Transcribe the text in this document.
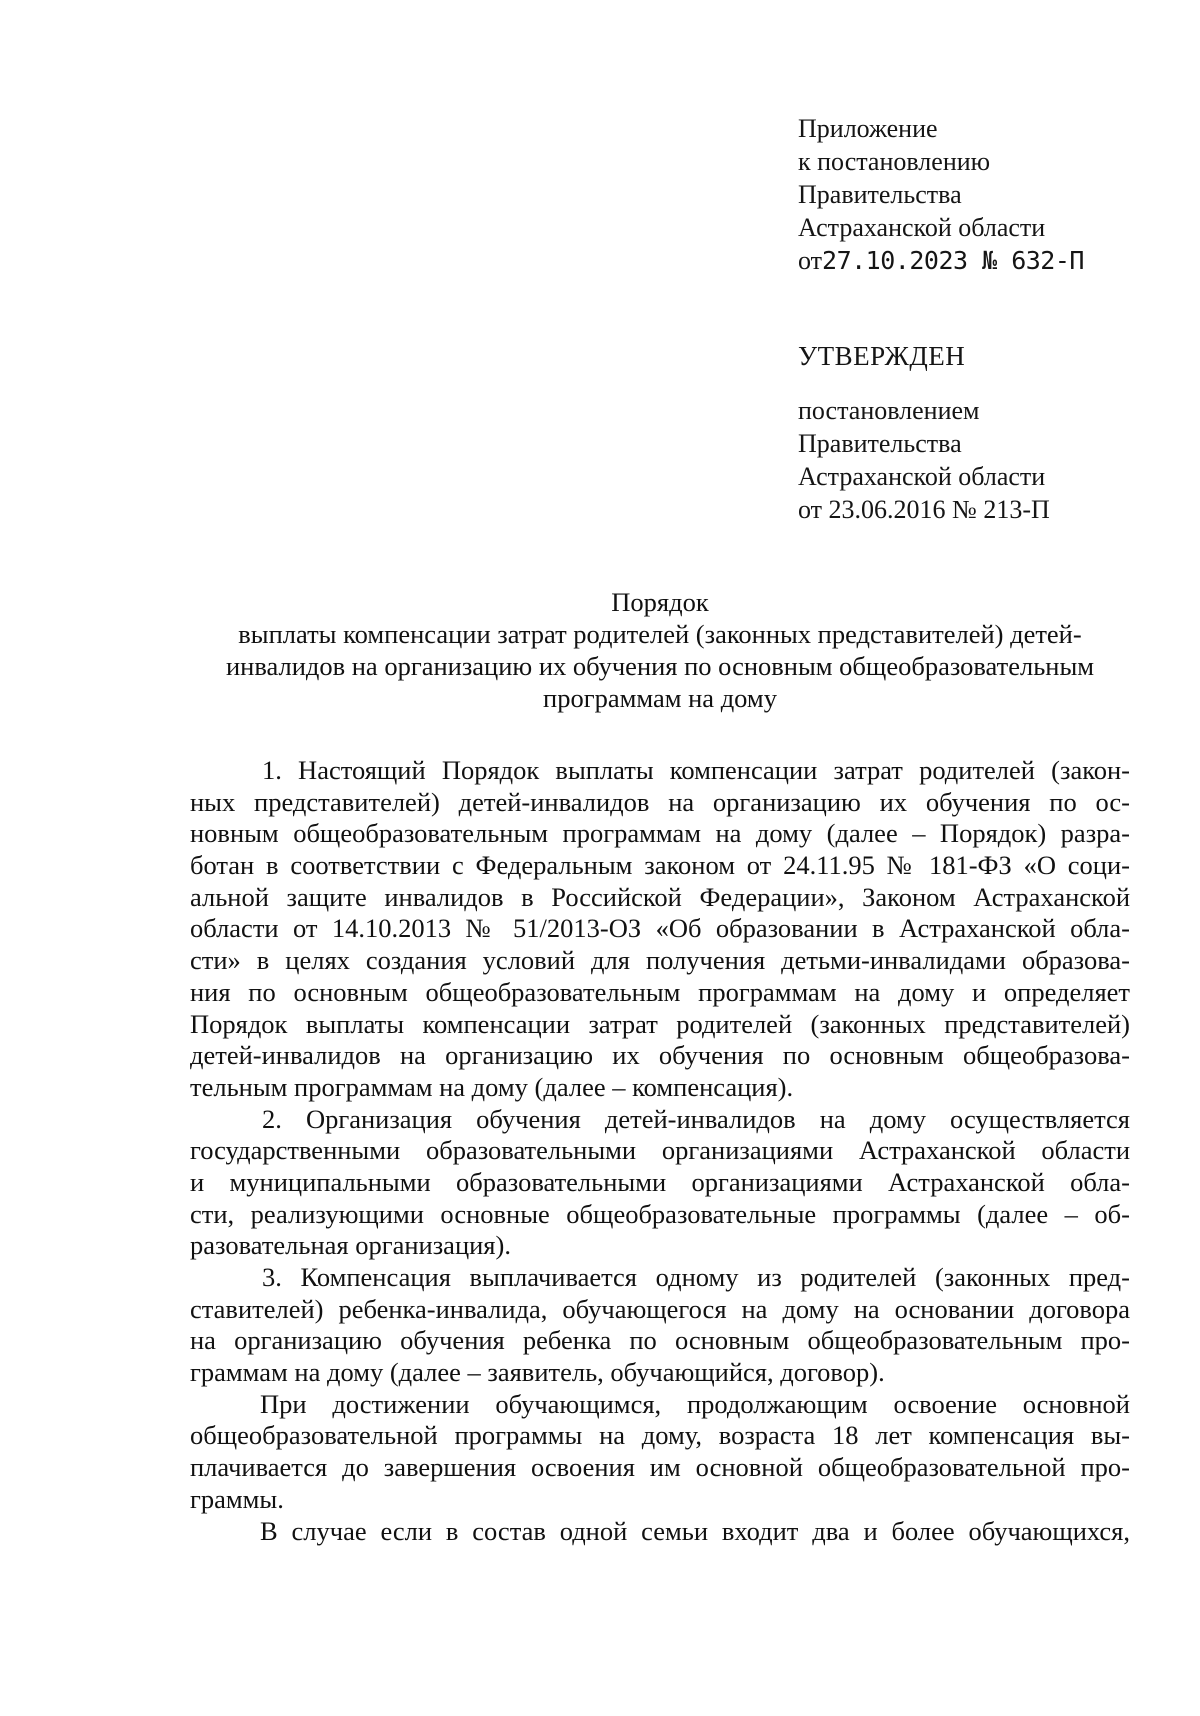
Приложение
к постановлению
Правительства
Астраханской области
от27.10.2023 № 632-П
УТВЕРЖДЕН
постановлением
Правительства
Астраханской области
от 23.06.2016 № 213-П
Порядок
выплаты компенсации затрат родителей (законных представителей) детей-
инвалидов на организацию их обучения по основным общеобразовательным
программам на дому
1. Настоящий Порядок выплаты компенсации затрат родителей (закон-
ных представителей) детей-инвалидов на организацию их обучения по ос-
новным общеобразовательным программам на дому (далее – Порядок) разра-
ботан в соответствии с Федеральным законом от 24.11.95 № 181-ФЗ «О соци-
альной защите инвалидов в Российской Федерации», Законом Астраханской
области от 14.10.2013 № 51/2013-ОЗ «Об образовании в Астраханской обла-
сти» в целях создания условий для получения детьми-инвалидами образова-
ния по основным общеобразовательным программам на дому и определяет
Порядок выплаты компенсации затрат родителей (законных представителей)
детей-инвалидов на организацию их обучения по основным общеобразова-
тельным программам на дому (далее – компенсация).
2. Организация обучения детей-инвалидов на дому осуществляется
государственными образовательными организациями Астраханской области
и муниципальными образовательными организациями Астраханской обла-
сти, реализующими основные общеобразовательные программы (далее – об-
разовательная организация).
3. Компенсация выплачивается одному из родителей (законных пред-
ставителей) ребенка-инвалида, обучающегося на дому на основании договора
на организацию обучения ребенка по основным общеобразовательным про-
граммам на дому (далее – заявитель, обучающийся, договор).
При достижении обучающимся, продолжающим освоение основной
общеобразовательной программы на дому, возраста 18 лет компенсация вы-
плачивается до завершения освоения им основной общеобразовательной про-
граммы.
В случае если в состав одной семьи входит два и более обучающихся,
